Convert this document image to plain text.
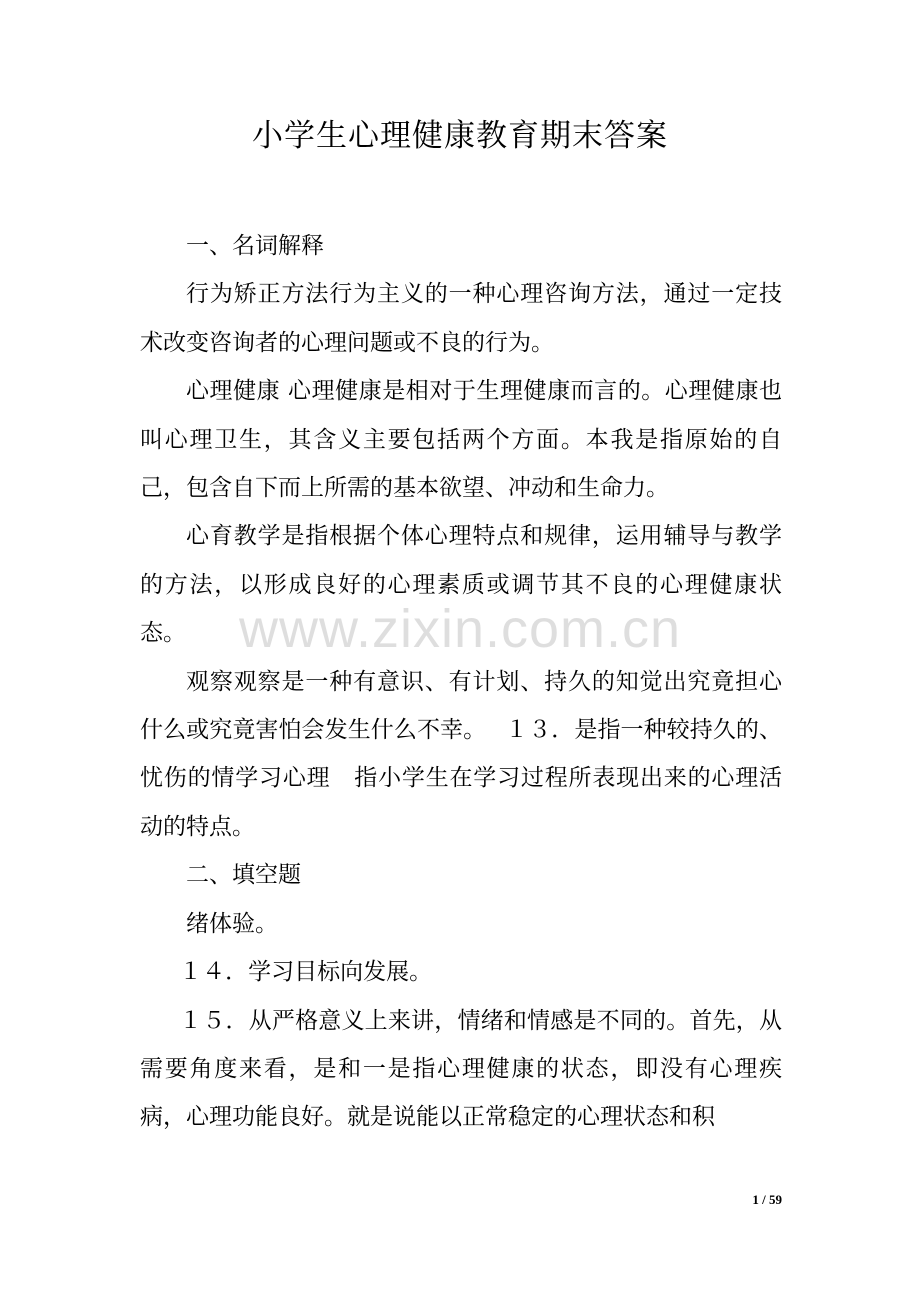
小学生心理健康教育期末答案

一、名词解释

行为矫正方法行为主义的一种心理咨询方法，通过一定技术改变咨询者的心理问题或不良的行为。

心理健康 心理健康是相对于生理健康而言的。心理健康也叫心理卫生，其含义主要包括两个方面。本我是指原始的自己，包含自下而上所需的基本欲望、冲动和生命力。

心育教学是指根据个体心理特点和规律，运用辅导与教学的方法，以形成良好的心理素质或调节其不良的心理健康状态。

观察观察是一种有意识、有计划、持久的知觉出究竟担心什么或究竟害怕会发生什么不幸。　 １３．是指一种较持久的、忧伤的情学习心理　指小学生在学习过程所表现出来的心理活动的特点。

二、填空题

绪体验。

１４．学习目标向发展。

１５．从严格意义上来讲，情绪和情感是不同的。首先，从需要角度来看，是和一是指心理健康的状态，即没有心理疾病，心理功能良好。就是说能以正常稳定的心理状态和积

www.zixin.com.cn
1 / 59
